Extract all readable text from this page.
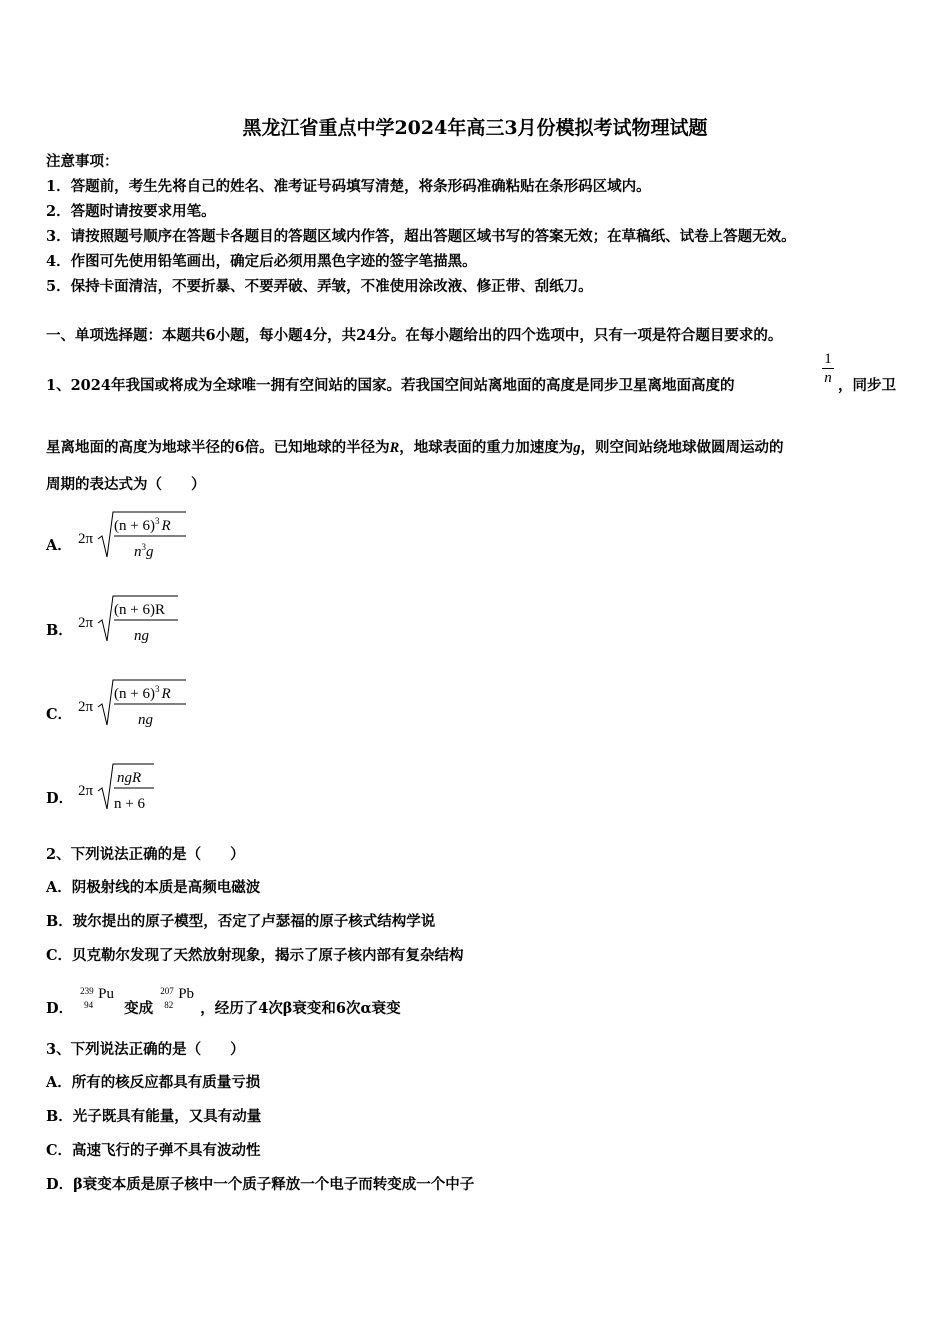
黑龙江省重点中学2024年高三3月份模拟考试物理试题
注意事项：
1．答题前，考生先将自己的姓名、准考证号码填写清楚，将条形码准确粘贴在条形码区域内。
2．答题时请按要求用笔。
3．请按照题号顺序在答题卡各题目的答题区域内作答，超出答题区域书写的答案无效；在草稿纸、试卷上答题无效。
4．作图可先使用铅笔画出，确定后必须用黑色字迹的签字笔描黑。
5．保持卡面清洁，不要折暴、不要弄破、弄皱，不准使用涂改液、修正带、刮纸刀。
一、单项选择题：本题共6小题，每小题4分，共24分。在每小题给出的四个选项中，只有一项是符合题目要求的。
1、2024年我国或将成为全球唯一拥有空间站的国家。若我国空间站离地面的高度是同步卫星离地面高度的
1
n ，同步卫
星离地面的高度为地球半径的6倍。已知地球的半径为R，地球表面的重力加速度为g，则空间站绕地球做圆周运动的
周期的表达式为（　　）
A． 2π
$(n + 6)^3$ R
$n^3g$
B． 2π
(n + 6)R
ng
C． 2π
$(n + 6)^3$ R
ng
D． 2π
ngR
n + 6
2、下列说法正确的是（　　）
A．阴极射线的本质是高频电磁波
B．玻尔提出的原子模型，否定了卢瑟福的原子核式结构学说
C．贝克勒尔发现了天然放射现象，揭示了原子核内部有复杂结构
D．
239
94
Pu
变成
207
82
Pb
，经历了4次β衰变和6次α衰变
3、下列说法正确的是（　　）
A．所有的核反应都具有质量亏损
B．光子既具有能量，又具有动量
C．高速飞行的子弹不具有波动性
D．β衰变本质是原子核中一个质子释放一个电子而转变成一个中子
